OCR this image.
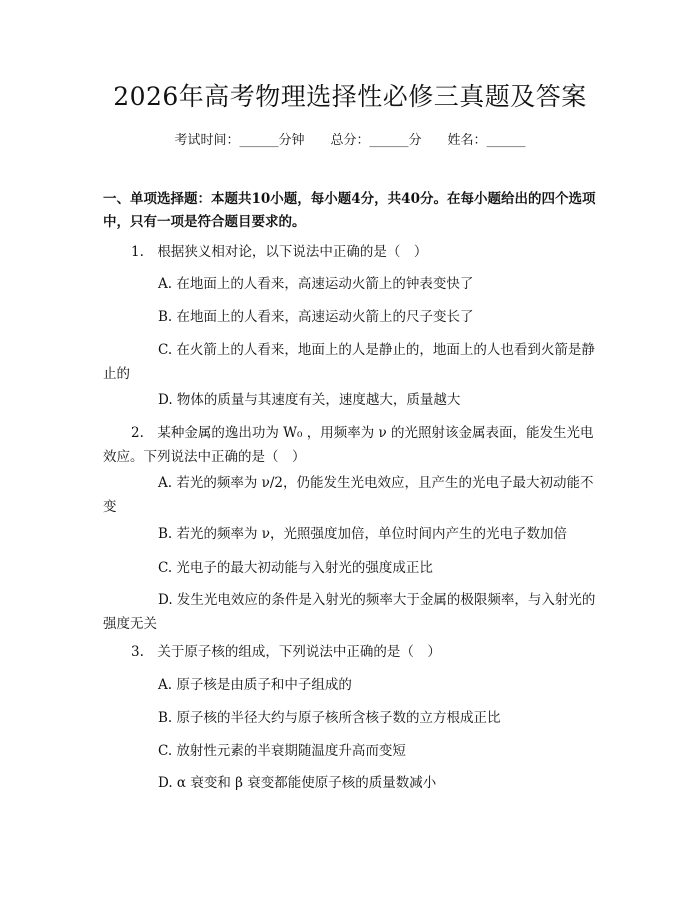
2026年高考物理选择性必修三真题及答案
考试时间：______分钟 总分：______分 姓名：______
一、单项选择题：本题共10小题，每小题4分，共40分。在每小题给出的四个选项中，只有一项是符合题目要求的。
1.　根据狭义相对论，以下说法中正确的是（　）
A. 在地面上的人看来，高速运动火箭上的钟表变快了
B. 在地面上的人看来，高速运动火箭上的尺子变长了
C. 在火箭上的人看来，地面上的人是静止的，地面上的人也看到火箭是静止的
D. 物体的质量与其速度有关，速度越大，质量越大
2.　某种金属的逸出功为 W₀ ，用频率为 ν 的光照射该金属表面，能发生光电效应。下列说法中正确的是（　）
A. 若光的频率为 ν/2，仍能发生光电效应，且产生的光电子最大初动能不变
B. 若光的频率为 ν，光照强度加倍，单位时间内产生的光电子数加倍
C. 光电子的最大初动能与入射光的强度成正比
D. 发生光电效应的条件是入射光的频率大于金属的极限频率，与入射光的强度无关
3.　关于原子核的组成，下列说法中正确的是（　）
A. 原子核是由质子和中子组成的
B. 原子核的半径大约与原子核所含核子数的立方根成正比
C. 放射性元素的半衰期随温度升高而变短
D. α 衰变和 β 衰变都能使原子核的质量数减小
